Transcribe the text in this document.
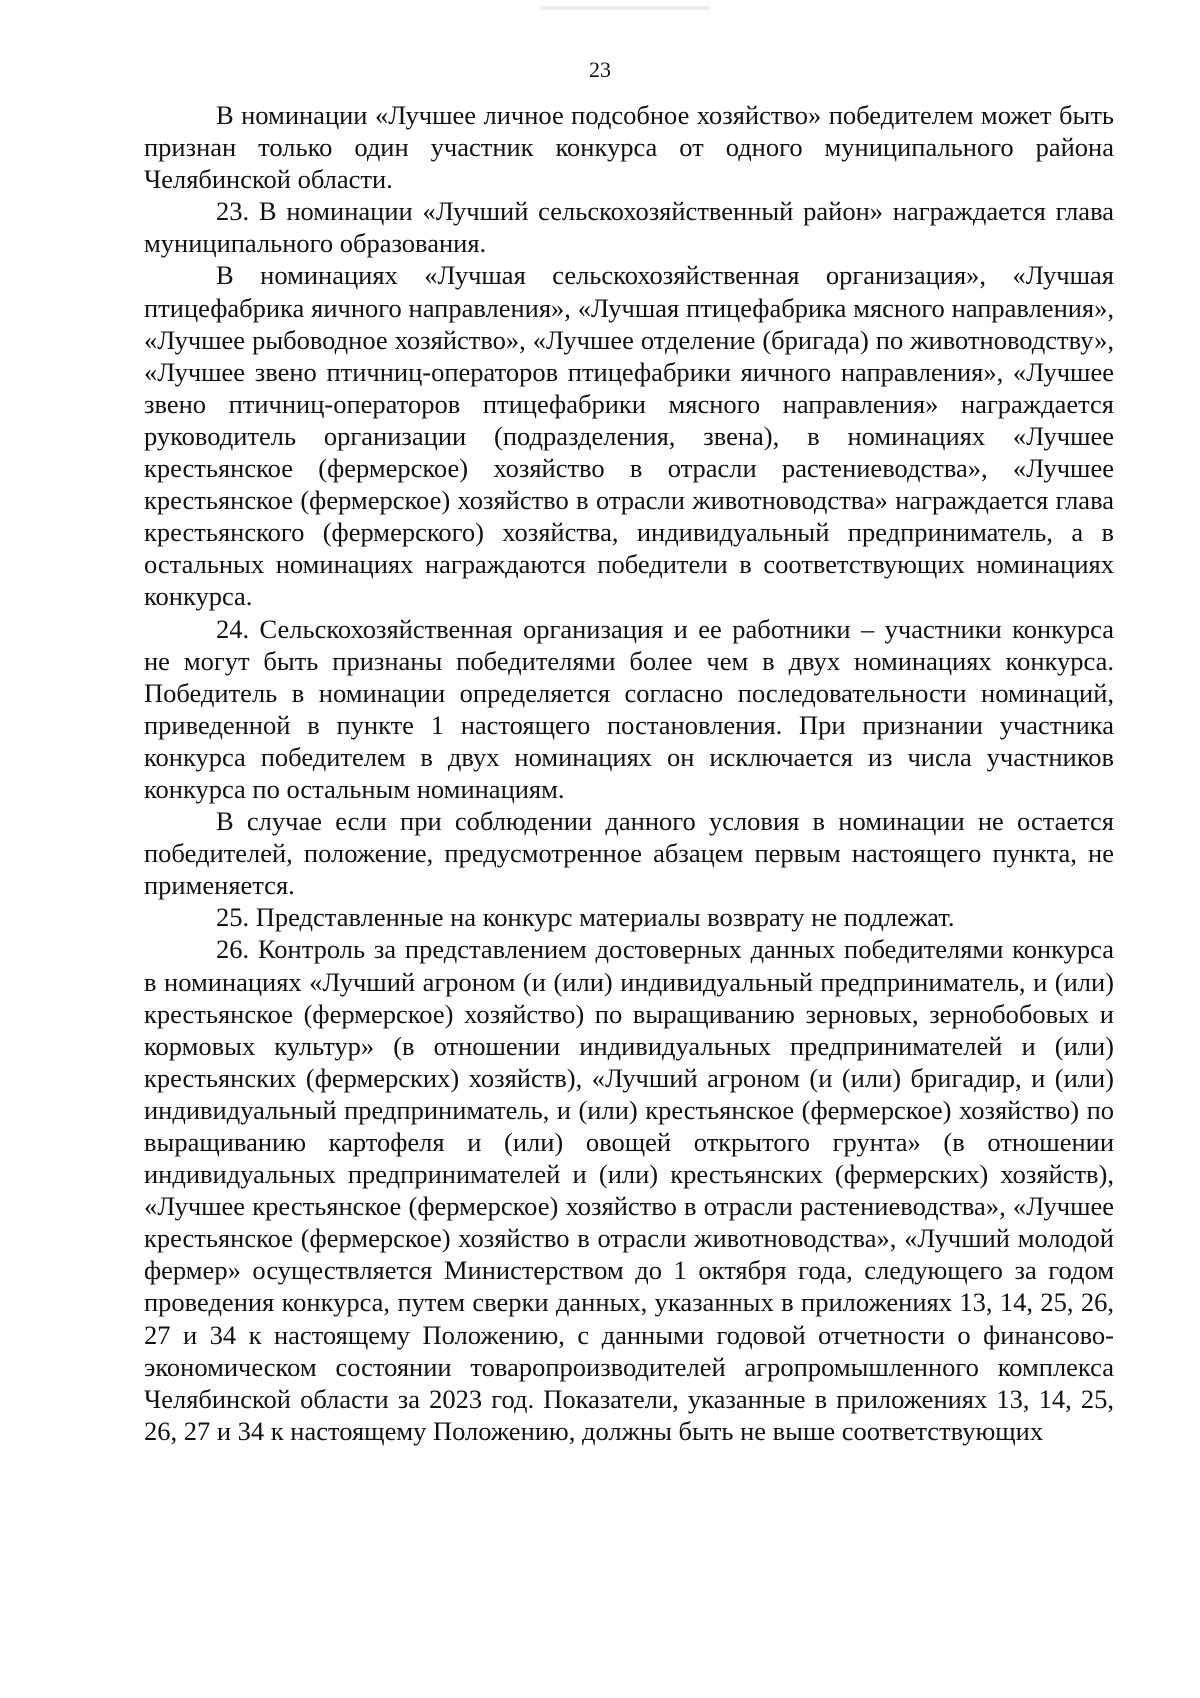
23

В номинации «Лучшее личное подсобное хозяйство» победителем может быть признан только один участник конкурса от одного муниципального района Челябинской области.

23. В номинации «Лучший сельскохозяйственный район» награждается глава муниципального образования.

В номинациях «Лучшая сельскохозяйственная организация», «Лучшая птицефабрика яичного направления», «Лучшая птицефабрика мясного направления», «Лучшее рыбоводное хозяйство», «Лучшее отделение (бригада) по животноводству», «Лучшее звено птичниц-операторов птицефабрики яичного направления», «Лучшее звено птичниц-операторов птицефабрики мясного направления» награждается руководитель организации (подразделения, звена), в номинациях «Лучшее крестьянское (фермерское) хозяйство в отрасли растениеводства», «Лучшее крестьянское (фермерское) хозяйство в отрасли животноводства» награждается глава крестьянского (фермерского) хозяйства, индивидуальный предприниматель, а в остальных номинациях награждаются победители в соответствующих номинациях конкурса.

24. Сельскохозяйственная организация и ее работники – участники конкурса не могут быть признаны победителями более чем в двух номинациях конкурса. Победитель в номинации определяется согласно последовательности номинаций, приведенной в пункте 1 настоящего постановления. При признании участника конкурса победителем в двух номинациях он исключается из числа участников конкурса по остальным номинациям.

В случае если при соблюдении данного условия в номинации не остается победителей, положение, предусмотренное абзацем первым настоящего пункта, не применяется.

25. Представленные на конкурс материалы возврату не подлежат.

26. Контроль за представлением достоверных данных победителями конкурса в номинациях «Лучший агроном (и (или) индивидуальный предприниматель, и (или) крестьянское (фермерское) хозяйство) по выращиванию зерновых, зернобобовых и кормовых культур» (в отношении индивидуальных предпринимателей и (или) крестьянских (фермерских) хозяйств), «Лучший агроном (и (или) бригадир, и (или) индивидуальный предприниматель, и (или) крестьянское (фермерское) хозяйство) по выращиванию картофеля и (или) овощей открытого грунта» (в отношении индивидуальных предпринимателей и (или) крестьянских (фермерских) хозяйств), «Лучшее крестьянское (фермерское) хозяйство в отрасли растениеводства», «Лучшее крестьянское (фермерское) хозяйство в отрасли животноводства», «Лучший молодой фермер» осуществляется Министерством до 1 октября года, следующего за годом проведения конкурса, путем сверки данных, указанных в приложениях 13, 14, 25, 26, 27 и 34 к настоящему Положению, с данными годовой отчетности о финансово-экономическом состоянии товаропроизводителей агропромышленного комплекса Челябинской области за 2023 год. Показатели, указанные в приложениях 13, 14, 25, 26, 27 и 34 к настоящему Положению, должны быть не выше соответствующих
